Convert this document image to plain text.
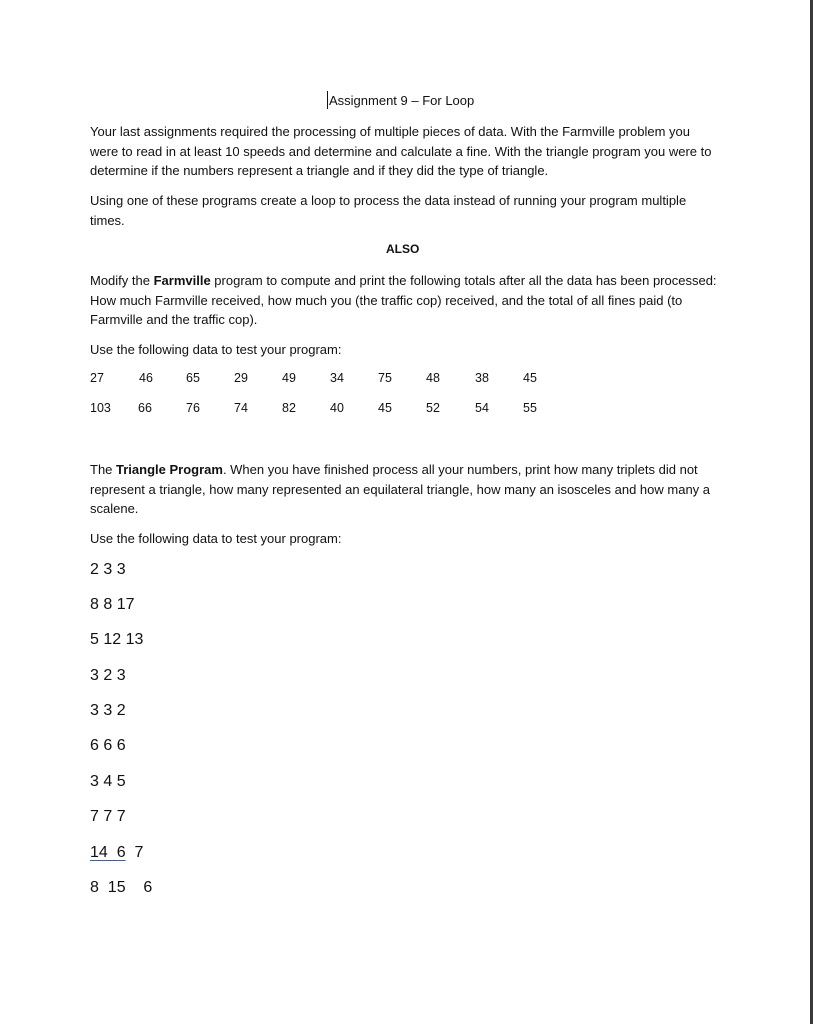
Assignment 9 – For Loop
Your last assignments required the processing of multiple pieces of data. With the Farmville problem you were to read in at least 10 speeds and determine and calculate a fine. With the triangle program you were to determine if the numbers represent a triangle and if they did the type of triangle.
Using one of these programs create a loop to process the data instead of running your program multiple times.
ALSO
Modify the Farmville program to compute and print the following totals after all the data has been processed: How much Farmville received, how much you (the traffic cop) received, and the total of all fines paid (to Farmville and the traffic cop).
Use the following data to test your program:
27	46	65	29	49	34	75	48	38	45
103 66	76	74	82	40	45	52	54	55
The Triangle Program. When you have finished process all your numbers, print how many triplets did not represent a triangle, how many represented an equilateral triangle, how many an isosceles and how many a scalene.
Use the following data to test your program:
2 3 3
8 8 17
5 12 13
3 2 3
3 3 2
6 6 6
3 4 5
7 7 7
14  6  7
8  15    6
